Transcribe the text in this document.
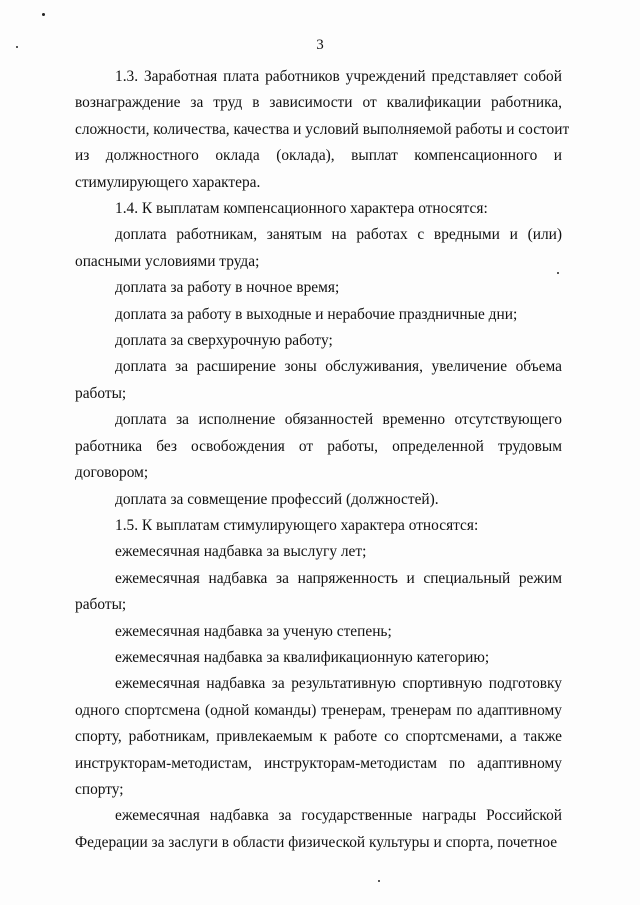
3
1.3. Заработная плата работников учреждений представляет собой
вознаграждение за труд в зависимости от квалификации работника,
сложности, количества, качества и условий выполняемой работы и состоит
из должностного оклада (оклада), выплат компенсационного и
стимулирующего характера.
1.4. К выплатам компенсационного характера относятся:
доплата работникам, занятым на работах с вредными и (или)
опасными условиями труда;
доплата за работу в ночное время;
доплата за работу в выходные и нерабочие праздничные дни;
доплата за сверхурочную работу;
доплата за расширение зоны обслуживания, увеличение объема
работы;
доплата за исполнение обязанностей временно отсутствующего
работника без освобождения от работы, определенной трудовым
договором;
доплата за совмещение профессий (должностей).
1.5. К выплатам стимулирующего характера относятся:
ежемесячная надбавка за выслугу лет;
ежемесячная надбавка за напряженность и специальный режим
работы;
ежемесячная надбавка за ученую степень;
ежемесячная надбавка за квалификационную категорию;
ежемесячная надбавка за результативную спортивную подготовку
одного спортсмена (одной команды) тренерам, тренерам по адаптивному
спорту, работникам, привлекаемым к работе со спортсменами, а также
инструкторам-методистам, инструкторам-методистам по адаптивному
спорту;
ежемесячная надбавка за государственные награды Российской
Федерации за заслуги в области физической культуры и спорта, почетное
